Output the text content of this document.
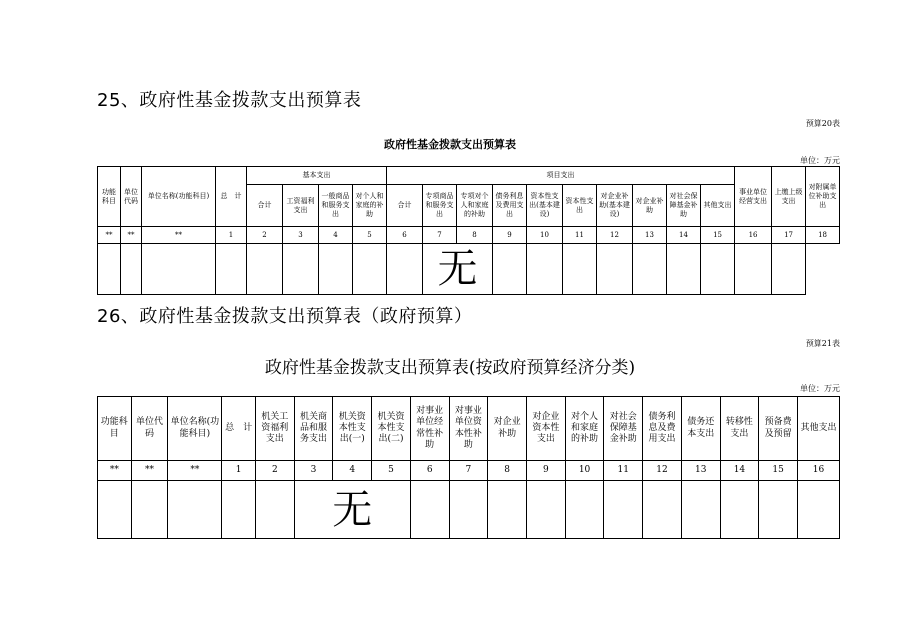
25、政府性基金拨款支出预算表
预算20表
政府性基金拨款支出预算表
单位：万元
功能科目	单位代码	单位名称(功能科目)	总　计	基本支出				项目支出										事业单位经营支出	上缴上级支出	对附属单位补助支出
				合计	工资福利支出	一般商品和服务支出	对个人和家庭的补助	合计	专项商品和服务支出	专项对个人和家庭的补助	债务利息及费用支出	资本性支出(基本建设)	资本性支出	对企业补助(基本建设)	对企业补助	对社会保障基金补助	其他支出			
**	**	**	1	2	3	4	5	6	7	8	9	10	11	12	13	14	15	16	17	18
									无											
26、政府性基金拨款支出预算表（政府预算）
预算21表
政府性基金拨款支出预算表(按政府预算经济分类)
单位：万元
功能科目	单位代码	单位名称(功能科目)	总　计	机关工资福利支出	机关商品和服务支出	机关资本性支出(一)	机关资本性支出(二)	对事业单位经常性补助	对事业单位资本性补助	对企业补助	对企业资本性支出	对个人和家庭的补助	对社会保障基金补助	债务利息及费用支出	债务还本支出	转移性支出	预备费及预留	其他支出
**	**	**	1	2	3	4	5	6	7	8	9	10	11	12	13	14	15	16
					无													
